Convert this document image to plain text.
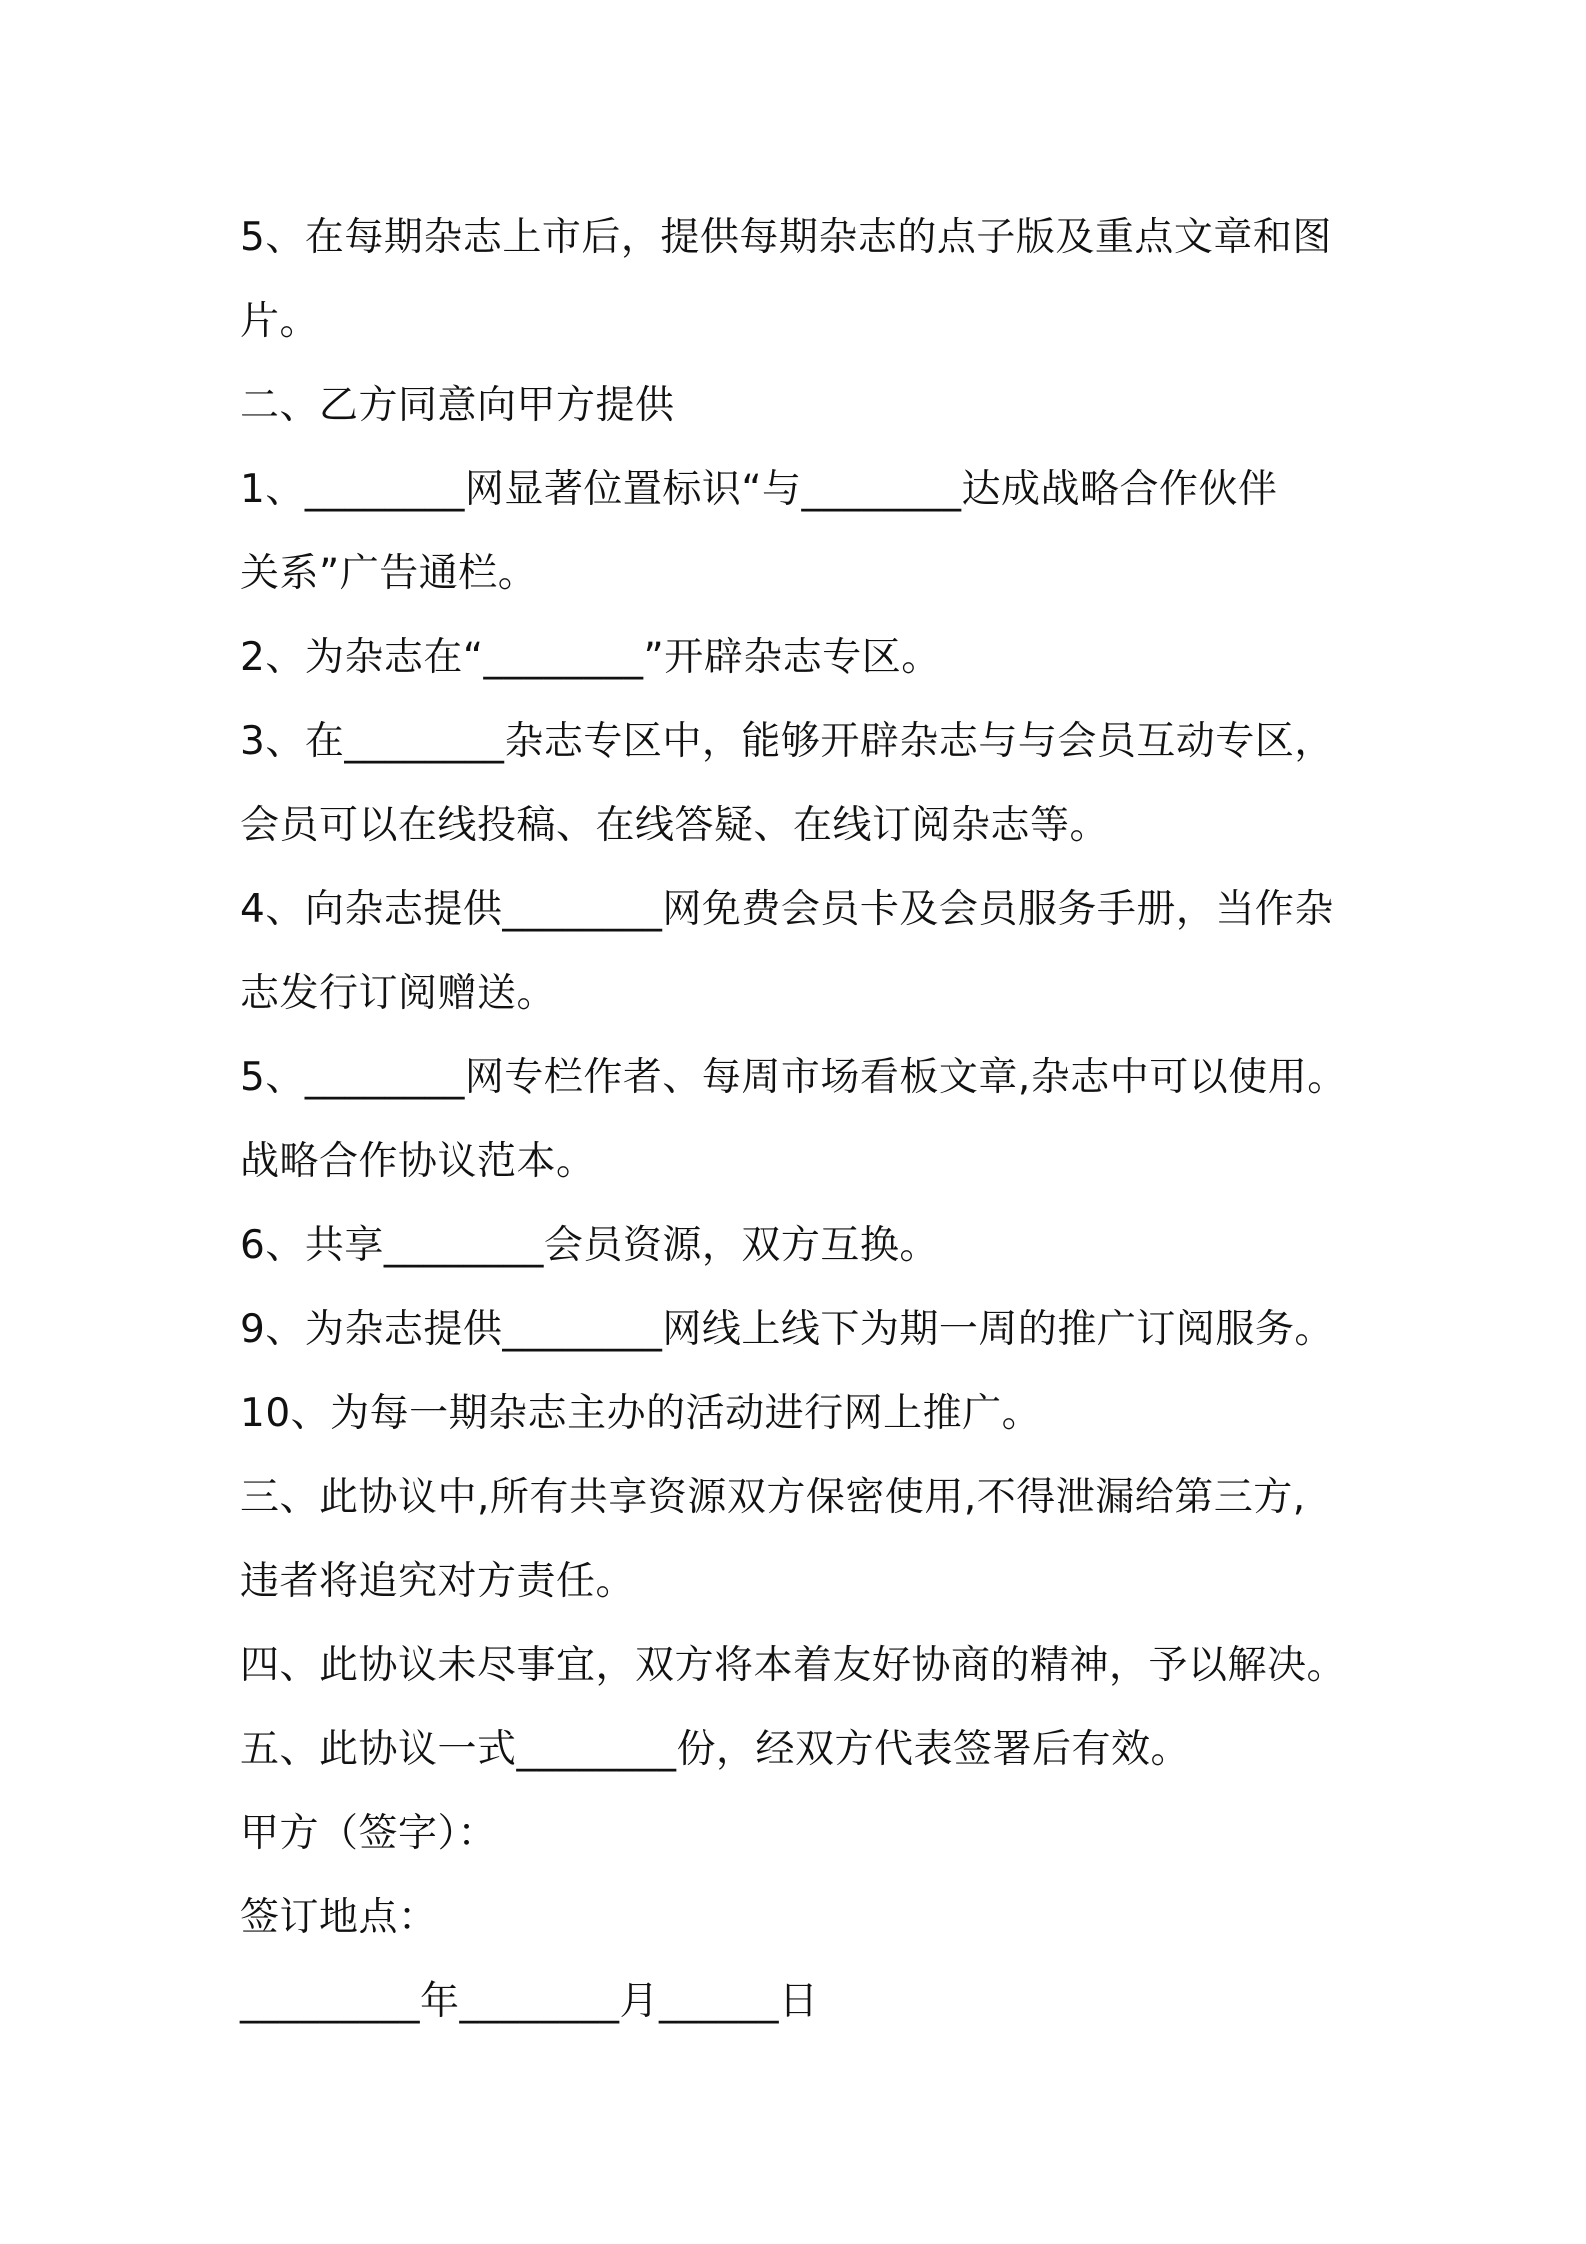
5、在每期杂志上市后，提供每期杂志的点子版及重点文章和图
片。
二、乙方同意向甲方提供
1、________网显著位置标识“与________达成战略合作伙伴
关系”广告通栏。
2、为杂志在“________”开辟杂志专区。
3、在________杂志专区中，能够开辟杂志与与会员互动专区，
会员可以在线投稿、在线答疑、在线订阅杂志等。
4、向杂志提供________网免费会员卡及会员服务手册，当作杂
志发行订阅赠送。
5、________网专栏作者、每周市场看板文章,杂志中可以使用。
战略合作协议范本。
6、共享________会员资源，双方互换。
9、为杂志提供________网线上线下为期一周的推广订阅服务。
10、为每一期杂志主办的活动进行网上推广。
三、此协议中,所有共享资源双方保密使用,不得泄漏给第三方,
违者将追究对方责任。
四、此协议未尽事宜，双方将本着友好协商的精神，予以解决。
五、此协议一式________份，经双方代表签署后有效。
甲方（签字）：
签订地点：
_________年________月______日
